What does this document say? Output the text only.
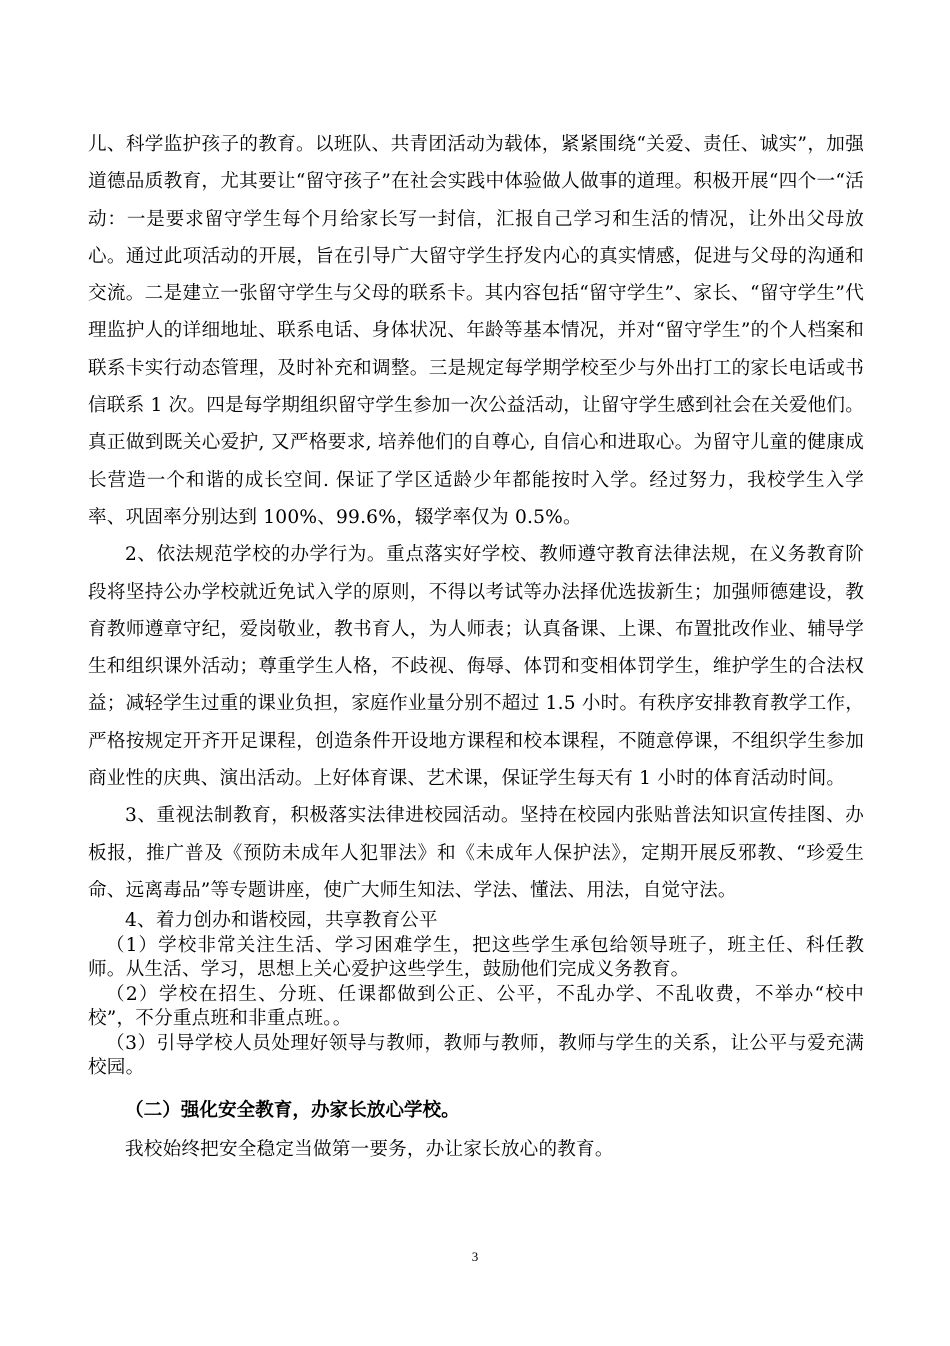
儿、科学监护孩子的教育。以班队、共青团活动为载体，紧紧围绕“关爱、责任、诚实”，加强道德品质教育，尤其要让“留守孩子”在社会实践中体验做人做事的道理。积极开展“四个一“活动：一是要求留守学生每个月给家长写一封信，汇报自己学习和生活的情况，让外出父母放心。通过此项活动的开展，旨在引导广大留守学生抒发内心的真实情感，促进与父母的沟通和交流。二是建立一张留守学生与父母的联系卡。其内容包括“留守学生”、家长、“留守学生”代理监护人的详细地址、联系电话、身体状况、年龄等基本情况，并对“留守学生”的个人档案和联系卡实行动态管理，及时补充和调整。三是规定每学期学校至少与外出打工的家长电话或书信联系 1 次。四是每学期组织留守学生参加一次公益活动，让留守学生感到社会在关爱他们。真正做到既关心爱护, 又严格要求, 培养他们的自尊心, 自信心和进取心。为留守儿童的健康成长营造一个和谐的成长空间. 保证了学区适龄少年都能按时入学。经过努力，我校学生入学率、巩固率分别达到 100%、99.6%，辍学率仅为 0.5%。

2、依法规范学校的办学行为。重点落实好学校、教师遵守教育法律法规，在义务教育阶段将坚持公办学校就近免试入学的原则，不得以考试等办法择优选拔新生；加强师德建设，教育教师遵章守纪，爱岗敬业，教书育人，为人师表；认真备课、上课、布置批改作业、辅导学生和组织课外活动；尊重学生人格，不歧视、侮辱、体罚和变相体罚学生，维护学生的合法权益；减轻学生过重的课业负担，家庭作业量分别不超过 1.5 小时。有秩序安排教育教学工作，严格按规定开齐开足课程，创造条件开设地方课程和校本课程，不随意停课，不组织学生参加商业性的庆典、演出活动。上好体育课、艺术课，保证学生每天有 1 小时的体育活动时间。

3、重视法制教育，积极落实法律进校园活动。坚持在校园内张贴普法知识宣传挂图、办板报，推广普及《预防未成年人犯罪法》和《未成年人保护法》，定期开展反邪教、“珍爱生命、远离毒品”等专题讲座，使广大师生知法、学法、懂法、用法，自觉守法。

4、着力创办和谐校园，共享教育公平

（1）学校非常关注生活、学习困难学生，把这些学生承包给领导班子，班主任、科任教师。从生活、学习，思想上关心爱护这些学生，鼓励他们完成义务教育。

（2）学校在招生、分班、任课都做到公正、公平，不乱办学、不乱收费，不举办“校中校”，不分重点班和非重点班。。

（3）引导学校人员处理好领导与教师，教师与教师，教师与学生的关系，让公平与爱充满校园。

（二）强化安全教育，办家长放心学校。

我校始终把安全稳定当做第一要务，办让家长放心的教育。

3
